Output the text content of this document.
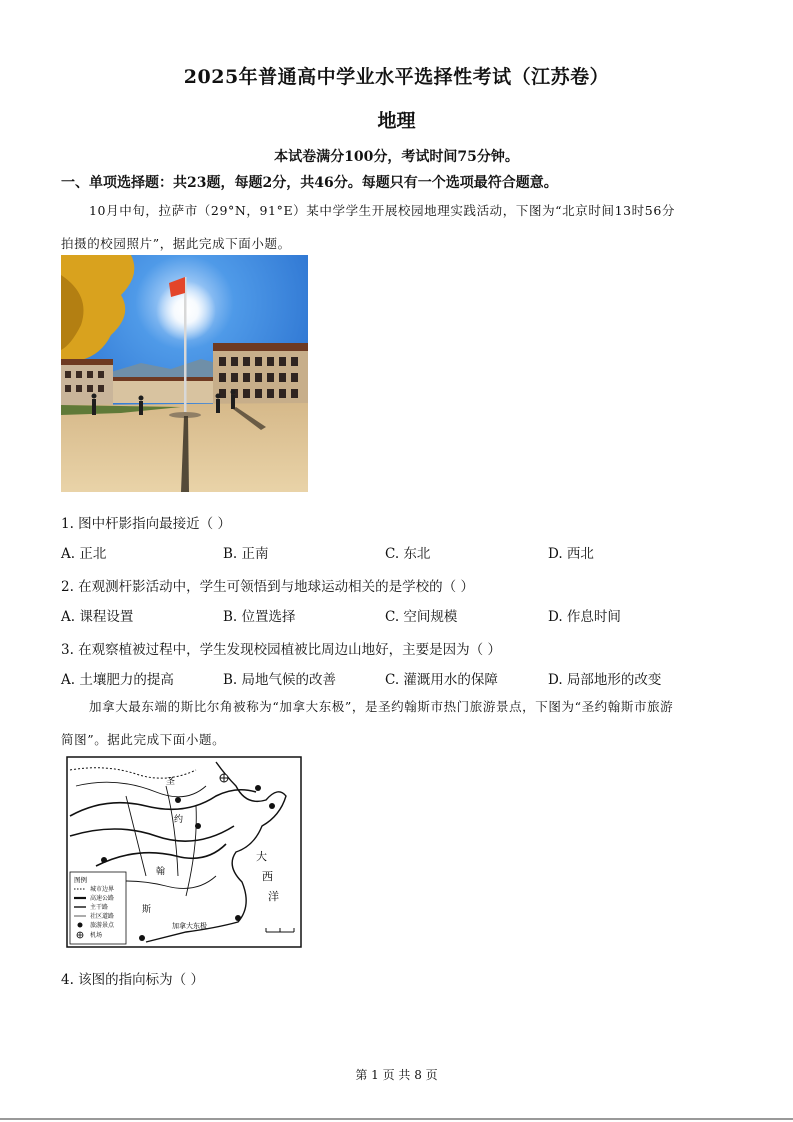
2025年普通高中学业水平选择性考试（江苏卷）
地理
本试卷满分100分，考试时间75分钟。
一、单项选择题：共23题，每题2分，共46分。每题只有一个选项最符合题意。
10月中旬，拉萨市（29°N，91°E）某中学学生开展校园地理实践活动，下图为“北京时间13时56分
拍摄的校园照片”，据此完成下面小题。
1. 图中杆影指向最接近（ ）
A. 正北	B. 正南	C. 东北	D. 西北
2. 在观测杆影活动中，学生可领悟到与地球运动相关的是学校的（ ）
A. 课程设置	B. 位置选择	C. 空间规模	D. 作息时间
3. 在观察植被过程中，学生发现校园植被比周边山地好，主要是因为（ ）
A. 土壤肥力的提高	B. 局地气候的改善	C. 灌溉用水的保障	D. 局部地形的改变
加拿大最东端的斯比尔角被称为“加拿大东极”，是圣约翰斯市热门旅游景点，下图为“圣约翰斯市旅游
简图”。据此完成下面小题。
圣
约
翰
斯
大
西
洋
加拿大东极
图例
城市边界
高速公路
主干路
社区道路
旅游景点
机场
4. 该图的指向标为（ ）
第 1 页 共 8 页
